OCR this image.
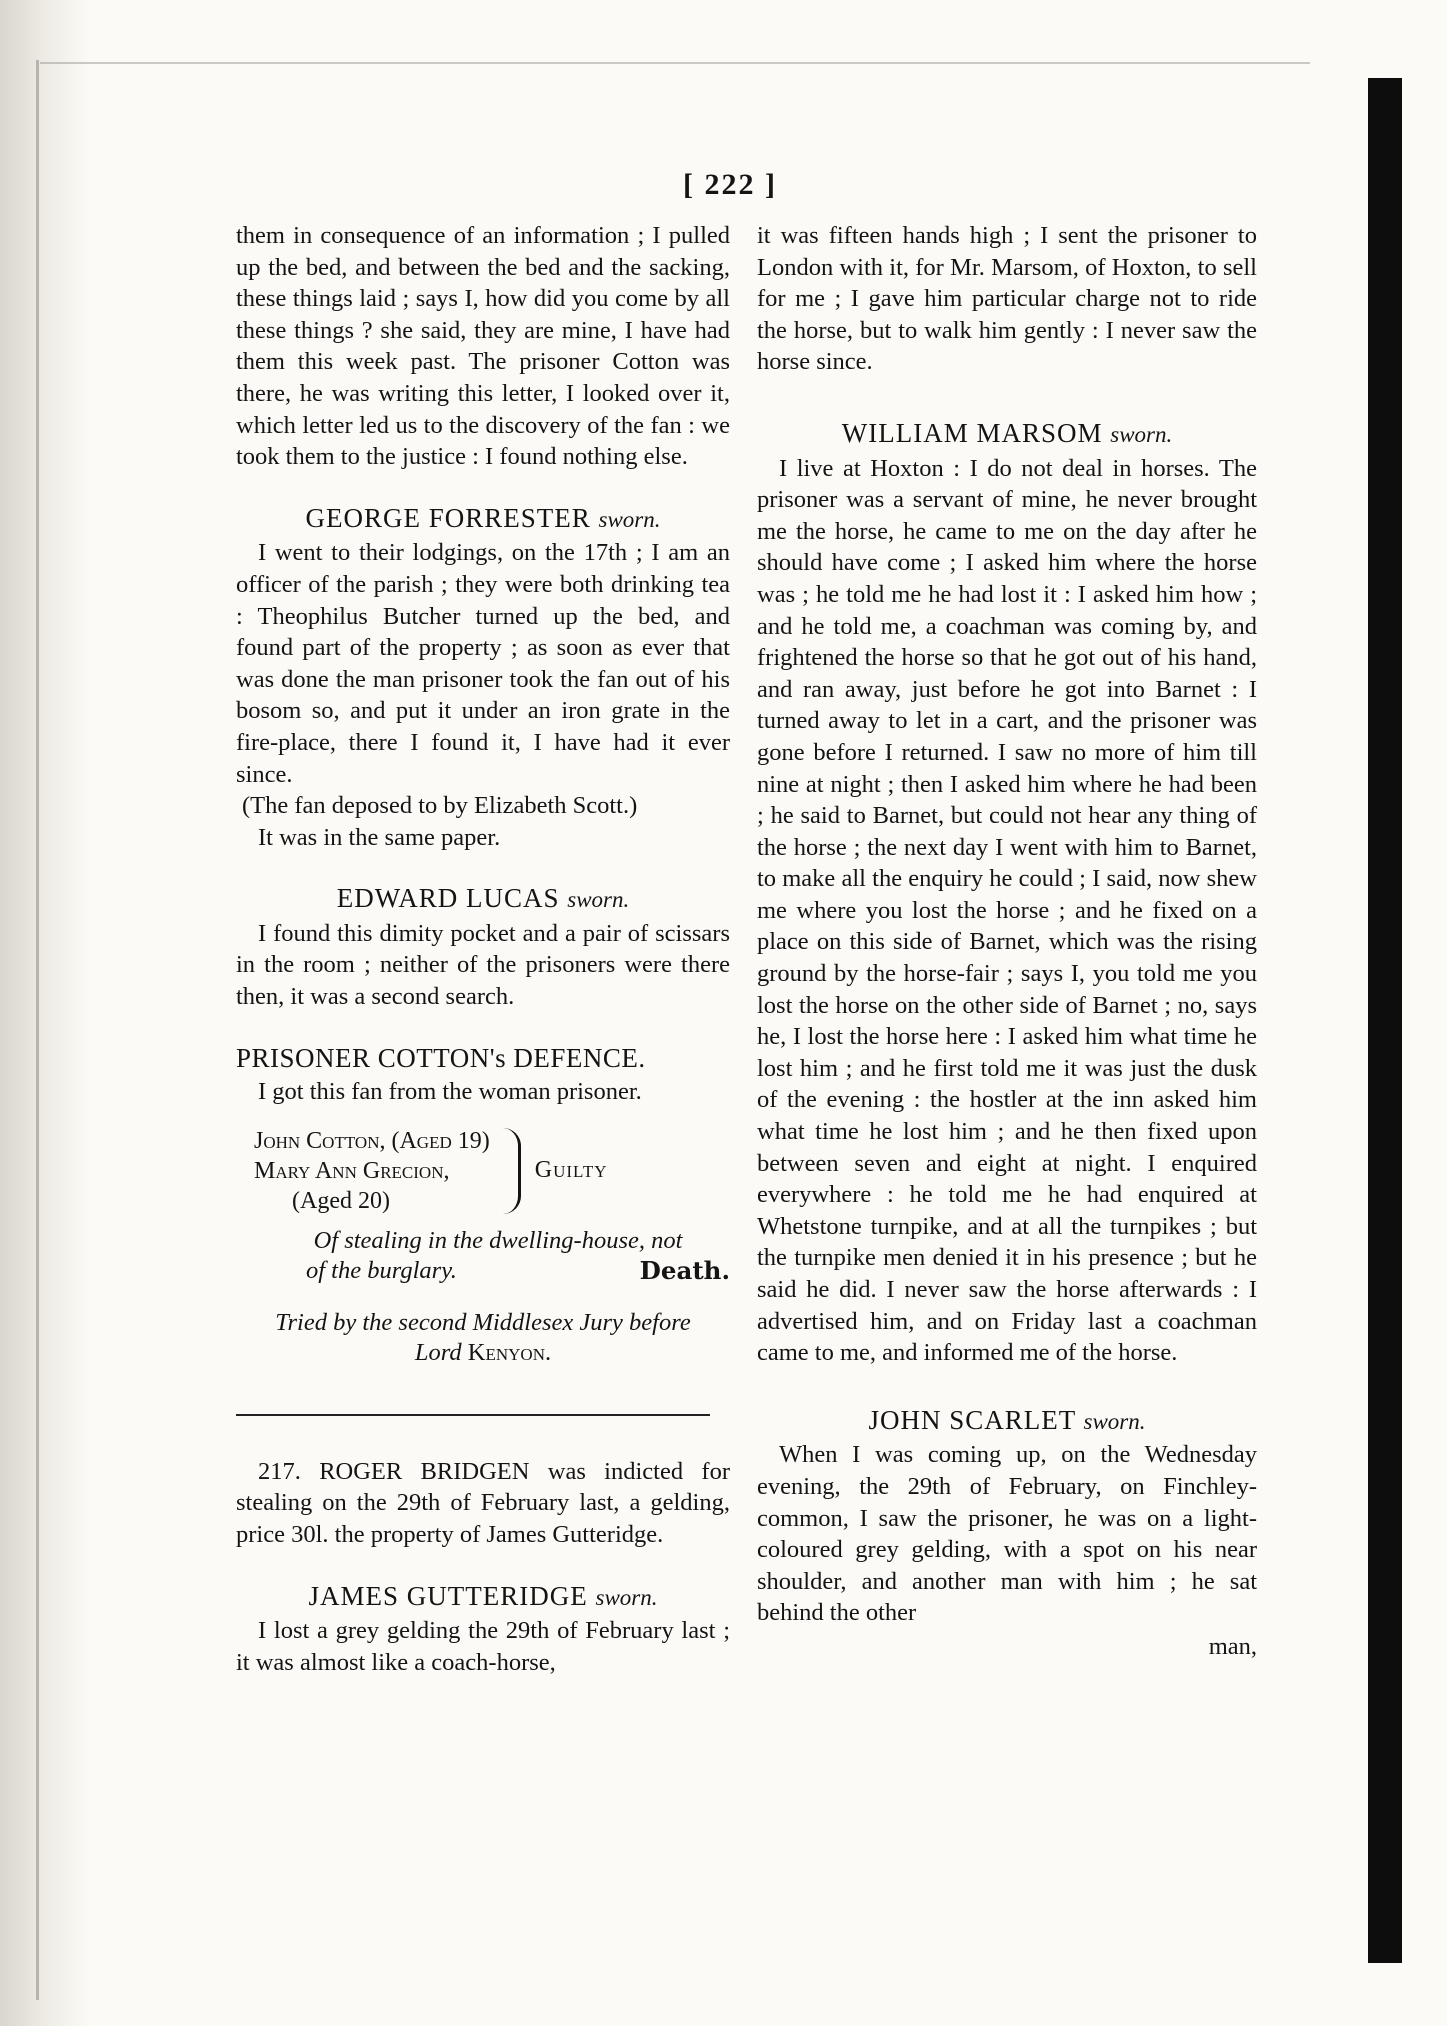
[ 222 ]

them in consequence of an information ; I pulled up the bed, and between the bed and the sacking, these things laid ; says I, how did you come by all these things ? she said, they are mine, I have had them this week past. The prisoner Cotton was there, he was writing this letter, I looked over it, which letter led us to the discovery of the fan : we took them to the justice : I found nothing else.

GEORGE FORRESTER sworn.

I went to their lodgings, on the 17th ; I am an officer of the parish ; they were both drinking tea : Theophilus Butcher turned up the bed, and found part of the property ; as soon as ever that was done the man prisoner took the fan out of his bosom so, and put it under an iron grate in the fire-place, there I found it, I have had it ever since.

(The fan deposed to by Elizabeth Scott.)

It was in the same paper.

EDWARD LUCAS sworn.

I found this dimity pocket and a pair of scissars in the room ; neither of the prisoners were there then, it was a second search.

PRISONER COTTON's DEFENCE.

I got this fan from the woman prisoner.

John Cotton, (Aged 19)
Mary Ann Grecion,
(Aged 20)
Guilty
Of stealing in the dwelling-house, not
of the burglary.	Death.
Tried by the second Middlesex Jury before
Lord Kenyon.

217. ROGER BRIDGEN was indicted for stealing on the 29th of February last, a gelding, price 30l. the property of James Gutteridge.

JAMES GUTTERIDGE sworn.

I lost a grey gelding the 29th of February last ; it was almost like a coach-horse,

it was fifteen hands high ; I sent the prisoner to London with it, for Mr. Marsom, of Hoxton, to sell for me ; I gave him particular charge not to ride the horse, but to walk him gently : I never saw the horse since.

WILLIAM MARSOM sworn.

I live at Hoxton : I do not deal in horses. The prisoner was a servant of mine, he never brought me the horse, he came to me on the day after he should have come ; I asked him where the horse was ; he told me he had lost it : I asked him how ; and he told me, a coachman was coming by, and frightened the horse so that he got out of his hand, and ran away, just before he got into Barnet : I turned away to let in a cart, and the prisoner was gone before I returned. I saw no more of him till nine at night ; then I asked him where he had been ; he said to Barnet, but could not hear any thing of the horse ; the next day I went with him to Barnet, to make all the enquiry he could ; I said, now shew me where you lost the horse ; and he fixed on a place on this side of Barnet, which was the rising ground by the horse-fair ; says I, you told me you lost the horse on the other side of Barnet ; no, says he, I lost the horse here : I asked him what time he lost him ; and he first told me it was just the dusk of the evening : the hostler at the inn asked him what time he lost him ; and he then fixed upon between seven and eight at night. I enquired everywhere : he told me he had enquired at Whetstone turnpike, and at all the turnpikes ; but the turnpike men denied it in his presence ; but he said he did. I never saw the horse afterwards : I advertised him, and on Friday last a coachman came to me, and informed me of the horse.

JOHN SCARLET sworn.

When I was coming up, on the Wednesday evening, the 29th of February, on Finchley-common, I saw the prisoner, he was on a light-coloured grey gelding, with a spot on his near shoulder, and another man with him ; he sat behind the other

man,
